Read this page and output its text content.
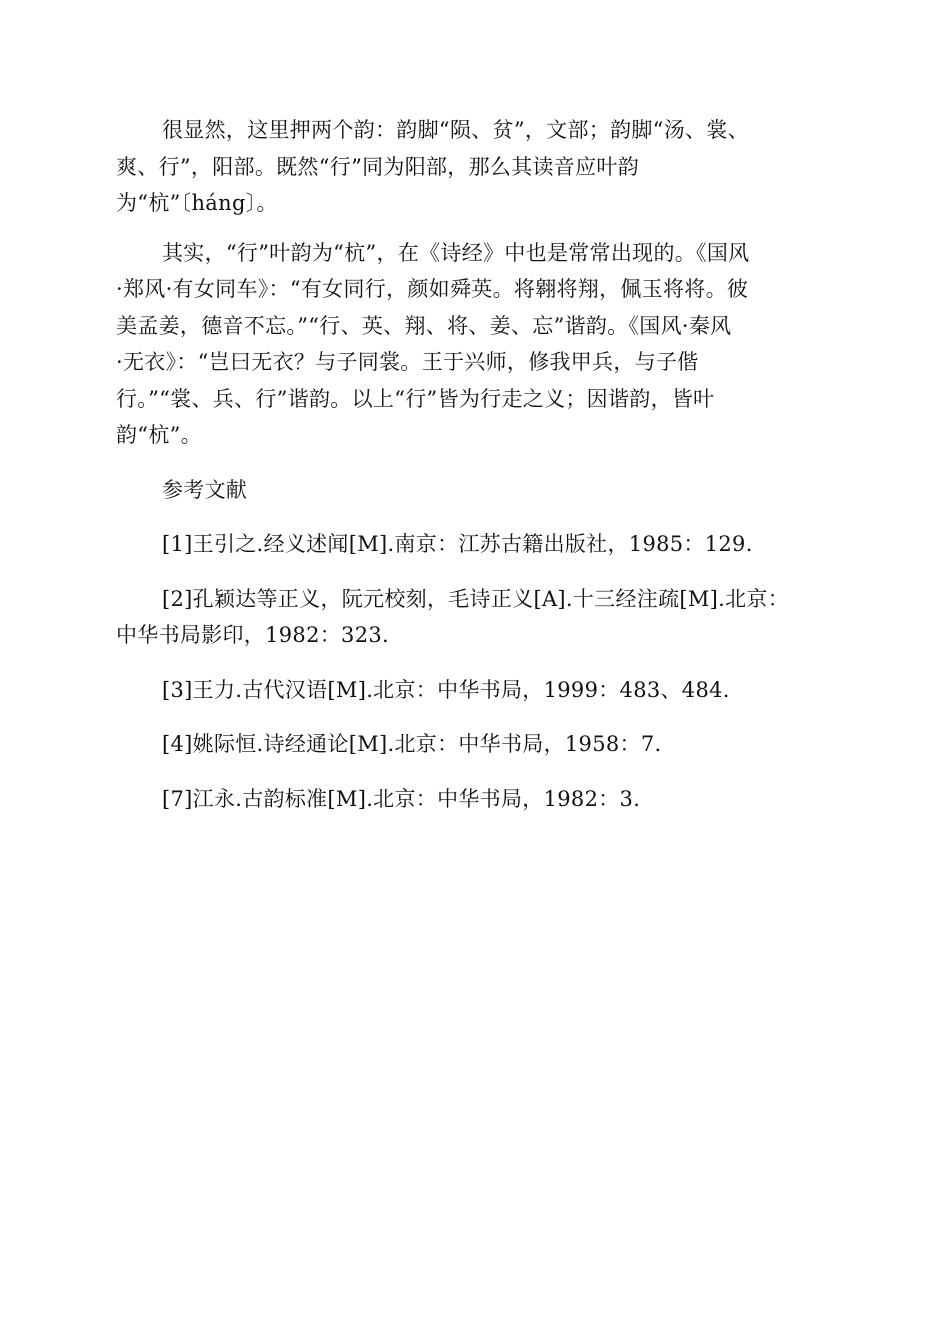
很显然，这里押两个韵：韵脚“陨、贫”，文部；韵脚“汤、裳、
爽、行”，阳部。既然“行”同为阳部，那么其读音应叶韵
为“杭”〔háng〕。

其实，“行”叶韵为“杭”，在《诗经》中也是常常出现的。《国风
·郑风·有女同车》：“有女同行，颜如舜英。将翱将翔，佩玉将将。彼
美孟姜，德音不忘。”“行、英、翔、将、姜、忘”谐韵。《国风·秦风
·无衣》：“岂曰无衣？与子同裳。王于兴师，修我甲兵，与子偕
行。”“裳、兵、行”谐韵。以上“行”皆为行走之义；因谐韵，皆叶
韵“杭”。

参考文献

[1]王引之.经义述闻[M].南京：江苏古籍出版社，1985：129.

[2]孔颖达等正义，阮元校刻，毛诗正义[A].十三经注疏[M].北京：
中华书局影印，1982：323.

[3]王力.古代汉语[M].北京：中华书局，1999：483、484.

[4]姚际恒.诗经通论[M].北京：中华书局，1958：7.

[7]江永.古韵标准[M].北京：中华书局，1982：3.
